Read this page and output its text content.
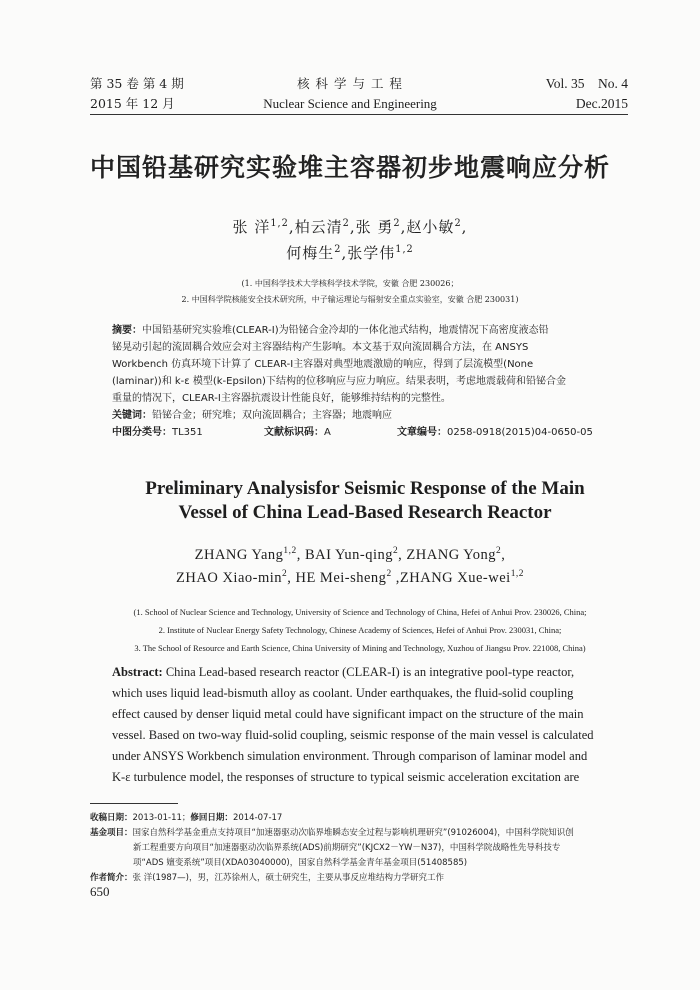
第 35 卷 第 4 期
2015 年 12 月
核 科 学 与 工 程
Nuclear Science and Engineering
Vol. 35    No. 4
Dec.2015
中国铅基研究实验堆主容器初步地震响应分析
张 洋$^{1,2}$,柏云清$^2$,张 勇$^2$,赵小敏$^2$,
何梅生$^2$,张学伟$^{1,2}$
(1. 中国科学技术大学核科学技术学院，安徽 合肥 230026；
2. 中国科学院核能安全技术研究所，中子输运理论与辐射安全重点实验室，安徽 合肥 230031)
摘要：中国铅基研究实验堆(CLEAR-Ⅰ)为铅铋合金冷却的一体化池式结构，地震情况下高密度液态铅
铋晃动引起的流固耦合效应会对主容器结构产生影响。本文基于双向流固耦合方法，在 ANSYS
Workbench 仿真环境下计算了 CLEAR-Ⅰ主容器对典型地震激励的响应，得到了层流模型(None
(laminar))和 k-ε 模型(k-Epsilon)下结构的位移响应与应力响应。结果表明，考虑地震载荷和铅铋合金
重量的情况下，CLEAR-Ⅰ主容器抗震设计性能良好，能够维持结构的完整性。
关键词：铅铋合金；研究堆；双向流固耦合；主容器；地震响应
中图分类号：TL351	文献标识码：A	文章编号：0258-0918(2015)04-0650-05
Preliminary Analysisfor Seismic Response of the Main
Vessel of China Lead-Based Research Reactor
ZHANG Yang$^{1,2}$, BAI Yun-qing$^2$, ZHANG Yong$^2$,
ZHAO Xiao-$\min^2$, HE Mei-sheng$^2$ ,ZHANG Xue-wei$^{1,2}$
(1. School of Nuclear Science and Technology, University of Science and Technology of China, Hefei of Anhui Prov. 230026, China;
2. Institute of Nuclear Energy Safety Technology, Chinese Academy of Sciences, Hefei of Anhui Prov. 230031, China;
3. The School of Resource and Earth Science, China University of Mining and Technology, Xuzhou of Jiangsu Prov. 221008, China)
Abstract: China Lead-based research reactor (CLEAR-I) is an integrative pool-type reactor,
which uses liquid lead-bismuth alloy as coolant. Under earthquakes, the fluid-solid coupling
effect caused by denser liquid metal could have significant impact on the structure of the main
vessel. Based on two-way fluid-solid coupling, seismic response of the main vessel is calculated
under ANSYS Workbench simulation environment. Through comparison of laminar model and
K-ε turbulence model, the responses of structure to typical seismic acceleration excitation are
收稿日期：2013-01-11；修回日期：2014-07-17
基金项目：国家自然科学基金重点支持项目“加速器驱动次临界堆瞬态安全过程与影响机理研究”(91026004)，中国科学院知识创
新工程重要方向项目“加速器驱动次临界系统(ADS)前期研究”(KJCX2－YW－N37)，中国科学院战略性先导科技专
项“ADS 嬗变系统”项目(XDA03040000)，国家自然科学基金青年基金项目(51408585)
作者简介：张 洋(1987—)，男，江苏徐州人，硕士研究生，主要从事反应堆结构力学研究工作
650
